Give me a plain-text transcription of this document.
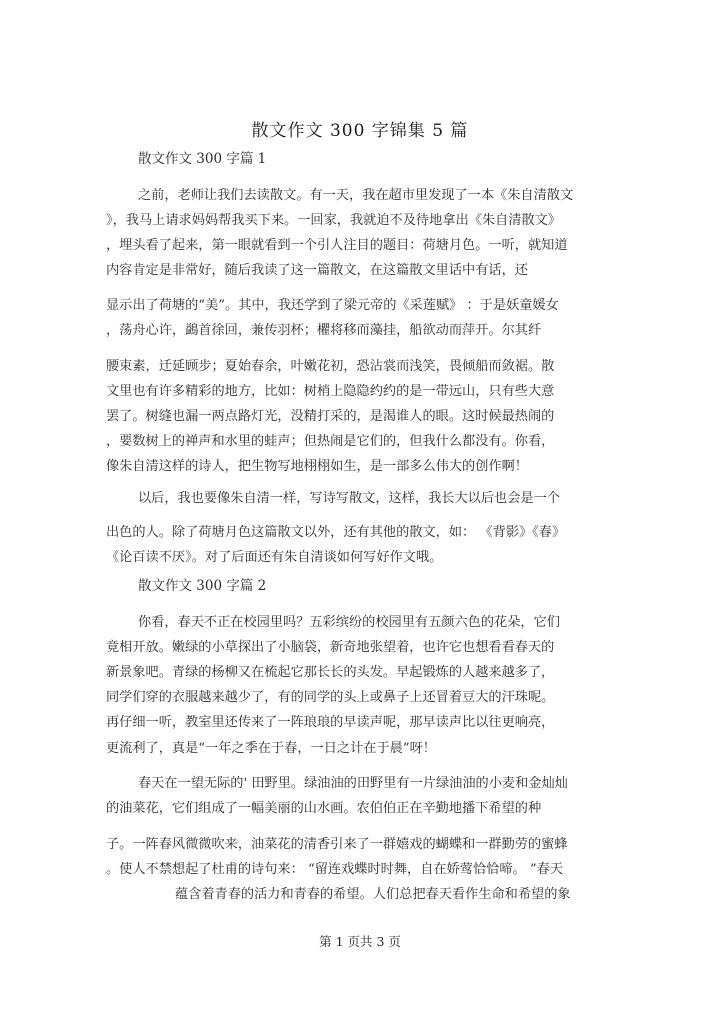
散文作文 300 字锦集 5 篇
散文作文 300 字篇 1
之前，老师让我们去读散文。有一天，我在超市里发现了一本《朱自清散文
》，我马上请求妈妈帮我买下来。一回家，我就迫不及待地拿出《朱自清散文》
，埋头看了起来，第一眼就看到一个引人注目的题目：荷塘月色。一听，就知道
内容肯定是非常好，随后我读了这一篇散文，在这篇散文里话中有话，还
显示出了荷塘的“美”。其中，我还学到了梁元帝的《采莲赋》 ：于是妖童媛女
，荡舟心许，鷁首徐回，兼传羽杯；欋将移而藻挂，船欲动而萍开。尔其纤
腰束素，迁延顾步；夏始春余，叶嫩花初，恐沾裳而浅笑，畏倾船而敛裾。散
文里也有许多精彩的地方，比如：树梢上隐隐约约的是一带远山，只有些大意
罢了。树缝也漏一两点路灯光，没精打采的，是渴谁人的眼。这时候最热闹的
，要数树上的禅声和水里的蛙声；但热闹是它们的，但我什么都没有。你看，
像朱自清这样的诗人，把生物写地栩栩如生，是一部多么伟大的创作啊！
以后，我也要像朱自清一样，写诗写散文，这样，我长大以后也会是一个
出色的人。除了荷塘月色这篇散文以外，还有其他的散文，如： 《背影》《春》
《论百读不厌》。对了后面还有朱自清谈如何写好作文哦。
散文作文 300 字篇 2
你看，春天不正在校园里吗？五彩缤纷的校园里有五颜六色的花朵，它们
竟相开放。嫩绿的小草探出了小脑袋，新奇地张望着，也许它也想看看春天的
新景象吧。青绿的杨柳又在梳起它那长长的头发。早起锻炼的人越来越多了，
同学们穿的衣服越来越少了，有的同学的头上或鼻子上还冒着豆大的汗珠呢。
再仔细一听，教室里还传来了一阵琅琅的早读声呢，那早读声比以往更响亮，
更流利了，真是“一年之季在于春，一日之计在于晨”呀！
春天在一望无际的' 田野里。绿油油的田野里有一片绿油油的小麦和金灿灿
的油菜花，它们组成了一幅美丽的山水画。农伯伯正在辛勤地播下希望的种
子。一阵春风微微吹来，油菜花的清香引来了一群嬉戏的蝴蝶和一群勤劳的蜜蜂
。使人不禁想起了杜甫的诗句来： “留连戏蝶时时舞，自在娇莺恰恰啼。 ”春天
蕴含着青春的活力和青春的希望。人们总把春天看作生命和希望的象
第 1 页共 3 页
